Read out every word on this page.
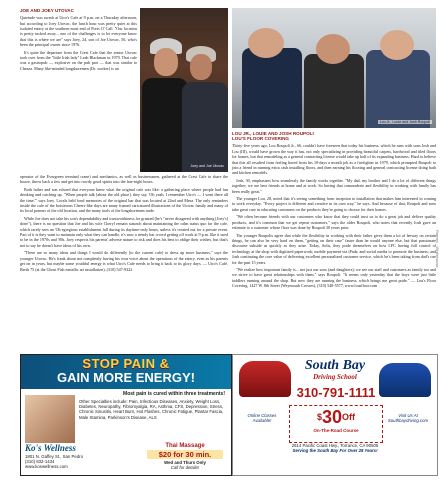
Ramen · Whitehouse
JOE AND JOEY UTOVAC

Quietude was awash at Utro's Cafe at 9 p.m. on a Thursday afternoon, but according to Joey Utovac, the lunch hour was pretty quiet at this isolated eatery at the southern most end of Ports O' Call. "Our location is pretty tucked away... one of the challenges is to let everyone know that this is where we are" says Joey, 24, son of Joe Utovac, 56, who's been the principal owner since 1976.

It's quite the departure from the Crest Cafe that the senior Utovac took over from the "little Irish lady" Leah Blackman in 1979. That cafe was a gastropub — explosive on the pub part — that was similar to Chezza. Many like-minded longshoremen (Dr. worker) is an

Joey and Joe Utovac

operator of the Evergreen terminal crane) and mechanics, as well as businessmen, gathered at the Crest Cafe to share the booze, throw back a few and get into rowdy good spirits into the late-night hours.

Both father and son echoed that everyone knew what the original cafe was like: a gathering place where people had fun drinking and catching up. "When people talk [about the old place], they say, 'Oh yeah, I remember Utro's — I went there all the time,'" says Joey. Locals held fond memories of the original bar that was located at 22nd and Mesa. The only reminders inside the cafe of the boisterous Cheers-like days are many framed caricatured illustrations of the Utovac family and many of its local patrons of the old location, and the many tools of the longshoremen trade.

While Joe does not take his son's dependability and trustworthiness for granted (he's "never disagreed with anything [Joey's] done"), there is no question that Joe and his wife Cheryl remain staunch about maintaining the calm status quo for the cafe, which rarely sees an 'Oh egregious establishment fall during its daytime-only hours, unless it's created out for a private event. Part of it is they want to maintain only what they can handle, it's now a trendy bar crowd getting off work at 9 p.m. like it used to be in the 1970s and '80s. Joey respects his parents' adverse nature to risk and does his best to oblige their wishes, but that's not to say he doesn't have ideas of his own.

"There are so many ideas and things I would do differently [to the current cafe] to dress up more business," says the younger Utovac. He's frank about not completely having his own voice about the operations of the eatery, even as his parents get on in years, but maybe some youthful energy is what Utro's Cafe needs to bring it back to its glory days. — Utro's Café, Berth 75 (at the Ghost Fish metallic art installation), (310) 547-9322

Lou Jr., Louie and Josh Roupoli
LOU JR., LOUIE AND JOSH ROUPOLI
LOU'S FLOOR COVERING

Thirty-five years ago, Lou Roupoli Jr., 66, couldn't have foreseen that today his business, which he runs with sons Josh and Lou (III), would have grown the way it has, not only specializing in providing beautiful carpets, hardwood and tiled floors for homes, but that remodeling as a general contracting license would take up half of its expanding business. Hard to believe that this all resulted from feeling bored from his 10-days a month job as a firefighter in 1979, which prompted Roupoli to join a friend in running extra cash installing floors, and then earning his flooring and general contracting license doing bath and kitchen remodels.

Josh, 30, emphasizes how seamlessly the family works together. "My dad, my brother and I do a lot of different things together; we are best friends at home and at work. So having that camaraderie and flexibility in working with family has been really great."

The younger Lou, 28, noted that it's seeing something from inception to installation that makes him interested in coming to work everyday. "Every project is different and creative in its own way," he says. And because of that, Roupoli and sons take great care in educating customers on the products they're going to choose for their homes.

"We often become friends with our customers who know that they could trust us to do a great job and deliver quality products, and it's common that we get repeat customers," says the older Roupoli, who notes that recently Josh gave an estimate to a customer whose floor was done by Roupoli 30 years prior.

The younger Roupolis agree that while the flexibility in working with their father gives them a lot of leeway on certain things, he can also be very hard on them, "getting on their case" faster than he would anyone else, but that passionate discourse subside as quickly as they arise. Today, Solis, they pride themselves on how LFC having full control of technology at the shop with digitized paperwork; mobile payment via iPads; and social media to promote the business; and Josh continuing the core value of delivering excellent personalized customer service, which he's been taking from dad's cue for the past 15 years.

"We realize how important family is... not just our sons (and daughters); we see our staff and customers as family too and we strive to have great relationships with them," says Roupoli. "It seems only yesterday that the boys were just little toddlers running around the shop. But now they are running the business, which brings me great pride." — Lou's Floor Covering, 1427 W. 8th Street (Weymouth Crosses), (310) 548-5577, www.lousfloor.com

STOP PAIN &
GAIN MORE ENERGY!
Most pain is cured within three treatments!
Other Specialties include: Pain, Infectious Diseases, Anxiety, Weight Loss, Diabetes, Neuropathy, Fibromyalgia, RA, Asthma, CFS, Depression, Stress, Chronic Sinusitis, Heart Burn, Hot Flashes, Chronic Fatigue, Plantar Fascia, Male Stamina, Parkinson's Disease, ALS
Ko's Wellness
1801 N. Gaffey St., San Pedro
(310) 832-1434
www.koswellness.com
Thai Massage
$20 for 30 min.
Wed and Thurs Only
Call for details!
South Bay
Driving School
310-791-1111
Online Classes Available!
Visit Us At Southbaydriving.com
$^{\$}30^{Off}$
On-The-Road Course
2614 Pacific Coast Hwy., Torrance, CA 90505
Serving the South Bay For Over 28 Years!
